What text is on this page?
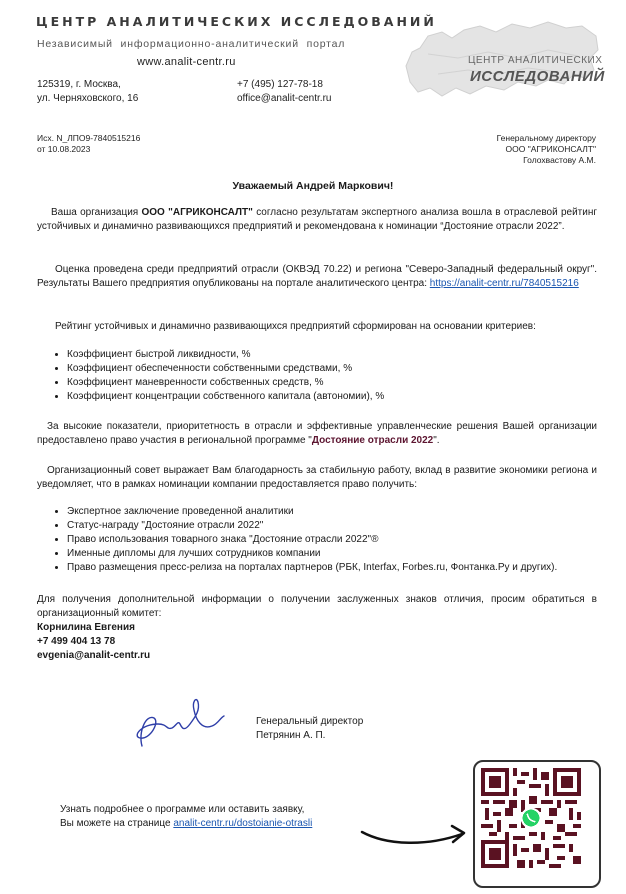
ЦЕНТР АНАЛИТИЧЕСКИХ ИССЛЕДОВАНИЙ
Независимый информационно-аналитический портал
www.analit-centr.ru
125319, г. Москва,
ул. Черняховского, 16
+7 (495) 127-78-18
office@analit-centr.ru
ЦЕНТР АНАЛИТИЧЕСКИХ
ИССЛЕДОВАНИЙ
Исх. N_ЛПО9-7840515216
от 10.08.2023
Генеральному директору
ООО "АГРИКОНСАЛТ"
Голохвастову А.М.
Уважаемый Андрей Маркович!

Ваша организация ООО "АГРИКОНСАЛТ" согласно результатам экспертного анализа вошла в отраслевой рейтинг устойчивых и динамично развивающихся предприятий и рекомендована к номинации “Достояние отрасли 2022”.

Оценка проведена среди предприятий отрасли (ОКВЭД 70.22) и региона "Северо-Западный федеральный округ". Результаты Вашего предприятия опубликованы на портале аналитического центра: https://analit-centr.ru/7840515216

Рейтинг устойчивых и динамично развивающихся предприятий сформирован на основании критериев:

• Коэффициент быстрой ликвидности, %
• Коэффициент обеспеченности собственными средствами, %
• Коэффициент маневренности собственных средств, %
• Коэффициент концентрации собственного капитала (автономии), %

За высокие показатели, приоритетность в отрасли и эффективные управленческие решения Вашей организации предоставлено право участия в региональной программе "Достояние отрасли 2022".

Организационный совет выражает Вам благодарность за стабильную работу, вклад в развитие экономики региона и уведомляет, что в рамках номинации компании предоставляется право получить:

• Экспертное заключение проведенной аналитики
• Статус-награду "Достояние отрасли 2022"
• Право использования товарного знака "Достояние отрасли 2022"®
• Именные дипломы для лучших сотрудников компании
• Право размещения пресс-релиза на порталах партнеров (РБК, Interfax, Forbes.ru, Фонтанка.Ру и других).

Для получения дополнительной информации о получении заслуженных знаков отличия, просим обратиться в организационный комитет:

Корнилина Евгения
+7 499 404 13 78
evgenia@analit-centr.ru
Генеральный директор
Петрянин А. П.
Узнать подробнее о программе или оставить заявку,
Вы можете на странице analit-centr.ru/dostoianie-otrasli
